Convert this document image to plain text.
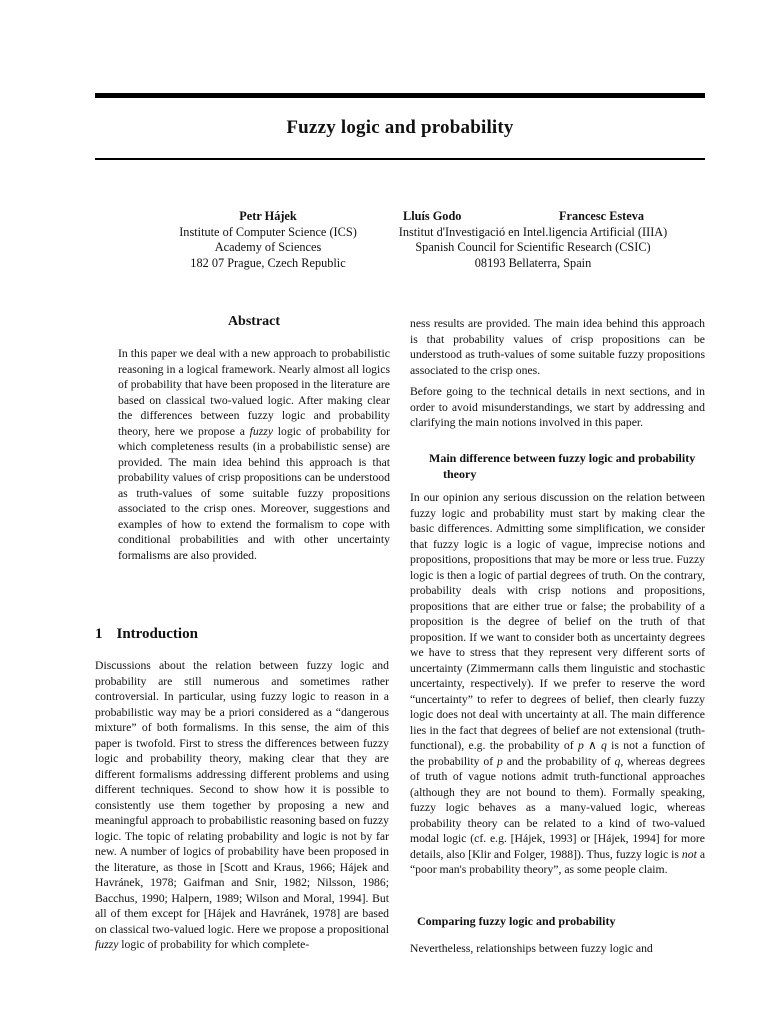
Fuzzy logic and probability
Petr Hájek
Institute of Computer Science (ICS)
Academy of Sciences
182 07 Prague, Czech Republic
Lluís Godo	Francesc Esteva
Institut d'Investigació en Intel.ligencia Artificial (IIIA)
Spanish Council for Scientific Research (CSIC)
08193 Bellaterra, Spain
Abstract

In this paper we deal with a new approach to probabilistic reasoning in a logical framework. Nearly almost all logics of probability that have been proposed in the literature are based on classical two-valued logic. After making clear the differences between fuzzy logic and probability theory, here we propose a fuzzy logic of probability for which completeness results (in a probabilistic sense) are provided. The main idea behind this approach is that probability values of crisp propositions can be understood as truth-values of some suitable fuzzy propositions associated to the crisp ones. Moreover, suggestions and examples of how to extend the formalism to cope with conditional probabilities and with other uncertainty formalisms are also provided.

1 Introduction

Discussions about the relation between fuzzy logic and probability are still numerous and sometimes rather controversial. In particular, using fuzzy logic to reason in a probabilistic way may be a priori considered as a “dangerous mixture” of both formalisms. In this sense, the aim of this paper is twofold. First to stress the differences between fuzzy logic and probability theory, making clear that they are different formalisms addressing different problems and using different techniques. Second to show how it is possible to consistently use them together by proposing a new and meaningful approach to probabilistic reasoning based on fuzzy logic. The topic of relating probability and logic is not by far new. A number of logics of probability have been proposed in the literature, as those in [Scott and Kraus, 1966; Hájek and Havránek, 1978; Gaifman and Snir, 1982; Nilsson, 1986; Bacchus, 1990; Halpern, 1989; Wilson and Moral, 1994]. But all of them except for [Hájek and Havránek, 1978] are based on classical two-valued logic. Here we propose a propositional fuzzy logic of probability for which complete-

ness results are provided. The main idea behind this approach is that probability values of crisp propositions can be understood as truth-values of some suitable fuzzy propositions associated to the crisp ones.

Before going to the technical details in next sections, and in order to avoid misunderstandings, we start by addressing and clarifying the main notions involved in this paper.

Main difference between fuzzy logic and probability theory

In our opinion any serious discussion on the relation between fuzzy logic and probability must start by making clear the basic differences. Admitting some simplification, we consider that fuzzy logic is a logic of vague, imprecise notions and propositions, propositions that may be more or less true. Fuzzy logic is then a logic of partial degrees of truth. On the contrary, probability deals with crisp notions and propositions, propositions that are either true or false; the probability of a proposition is the degree of belief on the truth of that proposition. If we want to consider both as uncertainty degrees we have to stress that they represent very different sorts of uncertainty (Zimmermann calls them linguistic and stochastic uncertainty, respectively). If we prefer to reserve the word “uncertainty” to refer to degrees of belief, then clearly fuzzy logic does not deal with uncertainty at all. The main difference lies in the fact that degrees of belief are not extensional (truth-functional), e.g. the probability of p ∧ q is not a function of the probability of p and the probability of q, whereas degrees of truth of vague notions admit truth-functional approaches (although they are not bound to them). Formally speaking, fuzzy logic behaves as a many-valued logic, whereas probability theory can be related to a kind of two-valued modal logic (cf. e.g. [Hájek, 1993] or [Hájek, 1994] for more details, also [Klir and Folger, 1988]). Thus, fuzzy logic is not a “poor man's probability theory”, as some people claim.

Comparing fuzzy logic and probability

Nevertheless, relationships between fuzzy logic and
